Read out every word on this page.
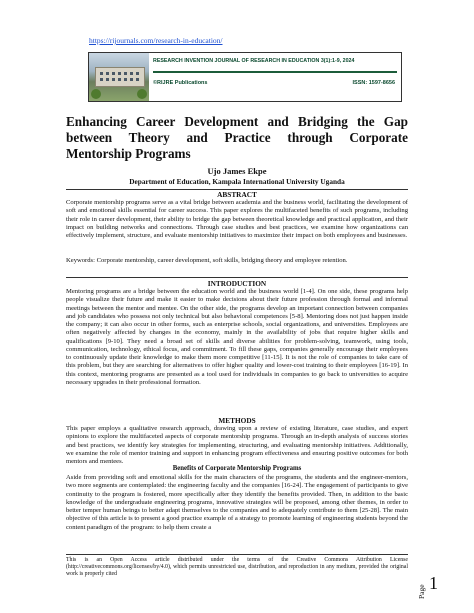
https://rijournals.com/research-in-education/
RESEARCH INVENTION JOURNAL OF RESEARCH IN EDUCATION 3(1):1-9, 2024
©RIJRE Publications	ISSN: 1597-8656
Enhancing Career Development and Bridging the Gap between Theory and Practice through Corporate Mentorship Programs
Ujo James Ekpe
Department of Education, Kampala International University Uganda
ABSTRACT

Corporate mentorship programs serve as a vital bridge between academia and the business world, facilitating the development of soft and emotional skills essential for career success. This paper explores the multifaceted benefits of such programs, including their role in career development, their ability to bridge the gap between theoretical knowledge and practical application, and their impact on building networks and connections. Through case studies and best practices, we examine how organizations can effectively implement, structure, and evaluate mentorship initiatives to maximize their impact on both employees and businesses.

Keywords: Corporate mentorship, career development, soft skills, bridging theory and employee retention.

INTRODUCTION

Mentoring programs are a bridge between the education world and the business world [1-4]. On one side, these programs help people visualize their future and make it easier to make decisions about their future profession through formal and informal meetings between the mentor and mentee. On the other side, the programs develop an important connection between companies and job candidates who possess not only technical but also behavioral competences [5-8]. Mentoring does not just happen inside the company; it can also occur in other forms, such as enterprise schools, social organizations, and universities. Employees are often negatively affected by changes in the economy, mainly in the availability of jobs that require higher skills and qualifications [9-10]. They need a broad set of skills and diverse abilities for problem-solving, teamwork, using tools, communication, technology, ethical focus, and commitment. To fill these gaps, companies generally encourage their employees to continuously update their knowledge to make them more competitive [11-15]. It is not the role of companies to take care of this problem, but they are searching for alternatives to offer higher quality and lower-cost training to their employees [16-19]. In this context, mentoring programs are presented as a tool used for individuals in companies to go back to universities to acquire necessary upgrades in their professional formation.

METHODS

This paper employs a qualitative research approach, drawing upon a review of existing literature, case studies, and expert opinions to explore the multifaceted aspects of corporate mentorship programs. Through an in-depth analysis of success stories and best practices, we identify key strategies for implementing, structuring, and evaluating mentorship initiatives. Additionally, we examine the role of mentor training and support in enhancing program effectiveness and ensuring positive outcomes for both mentors and mentees.

Benefits of Corporate Mentorship Programs

Aside from providing soft and emotional skills for the main characters of the programs, the students and the engineer-mentors, two more segments are contemplated: the engineering faculty and the companies [16-24]. The engagement of participants to give continuity to the program is fostered, more specifically after they identify the benefits provided. Then, in addition to the basic knowledge of the undergraduate engineering programs, innovative strategies will be proposed, among other themes, in order to better temper human beings to better adapt themselves to the companies and to adequately contribute to them [25-28]. The main objective of this article is to present a good practice example of a strategy to promote learning of engineering students beyond the content paradigm of the program: to help them create a

This is an Open Access article distributed under the terms of the Creative Commons Attribution License (http://creativecommons.org/licenses/by/4.0), which permits unrestricted use, distribution, and reproduction in any medium, provided the original work is properly cited
Page 1
